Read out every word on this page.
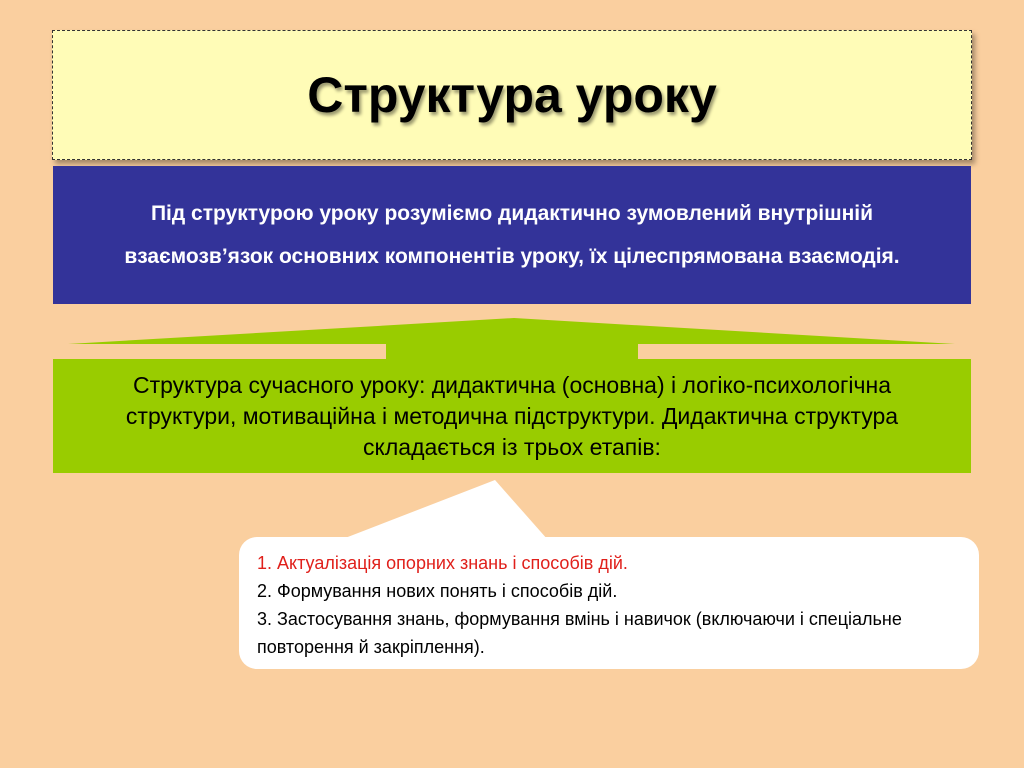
Структура уроку
Під структурою уроку розуміємо дидактично зумовлений внутрішній взаємозв’язок основних компонентів уроку, їх цілеспрямована взаємодія.
Структура сучасного уроку: дидактична (основна) і логіко-психологічна структури, мотиваційна і методична підструктури. Дидактична структура складається із трьох етапів:
1. Актуалізація опорних знань і способів дій.
2. Формування нових понять і способів дій.
3. Застосування знань, формування вмінь і навичок (включаючи і спеціальне повторення й закріплення).
